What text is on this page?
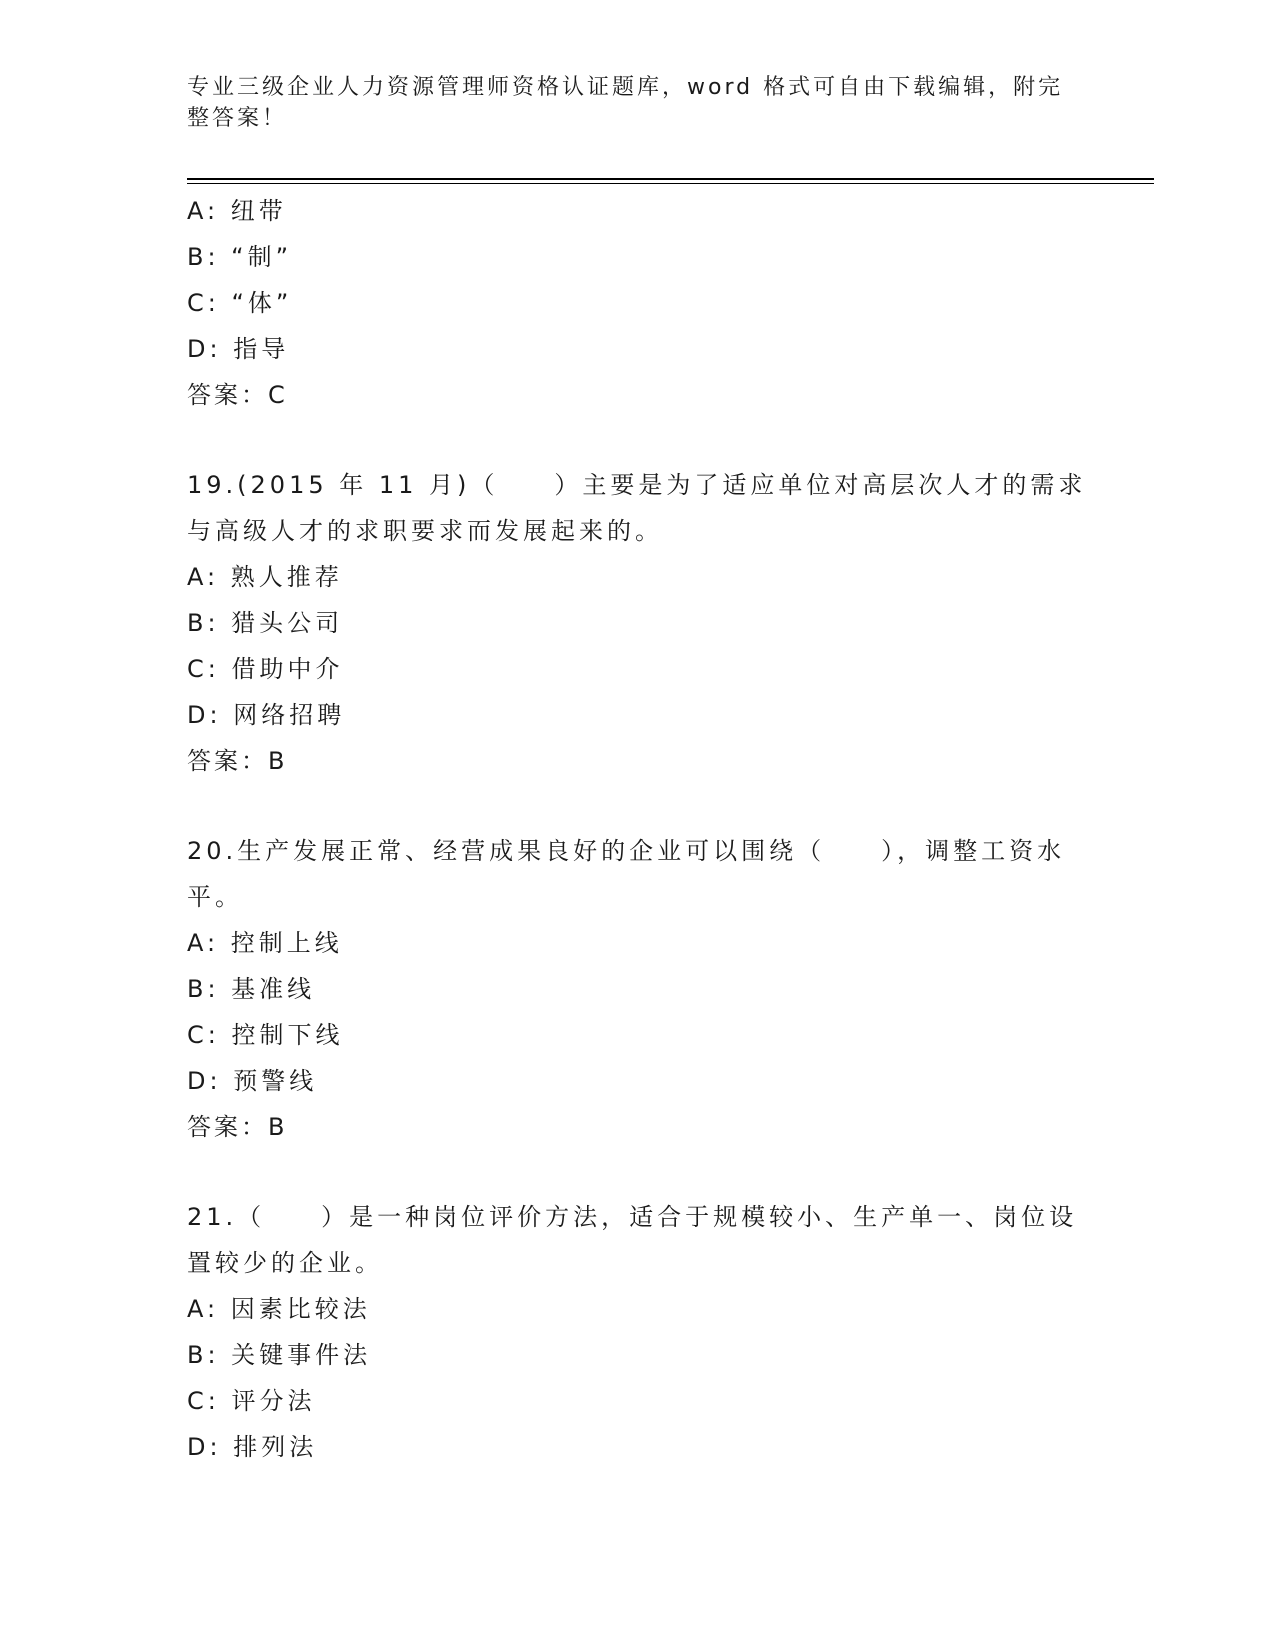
专业三级企业人力资源管理师资格认证题库，word 格式可自由下载编辑，附完整答案！

A: 纽带
B: “制”
C: “体”
D: 指导
答案：C

19.(2015 年 11 月)（　　）主要是为了适应单位对高层次人才的需求与高级人才的求职要求而发展起来的。

A: 熟人推荐
B: 猎头公司
C: 借助中介
D: 网络招聘
答案：B

20.生产发展正常、经营成果良好的企业可以围绕（　　），调整工资水平。

A: 控制上线
B: 基准线
C: 控制下线
D: 预警线
答案：B

21.（　　）是一种岗位评价方法，适合于规模较小、生产单一、岗位设置较少的企业。

A: 因素比较法
B: 关键事件法
C: 评分法
D: 排列法
